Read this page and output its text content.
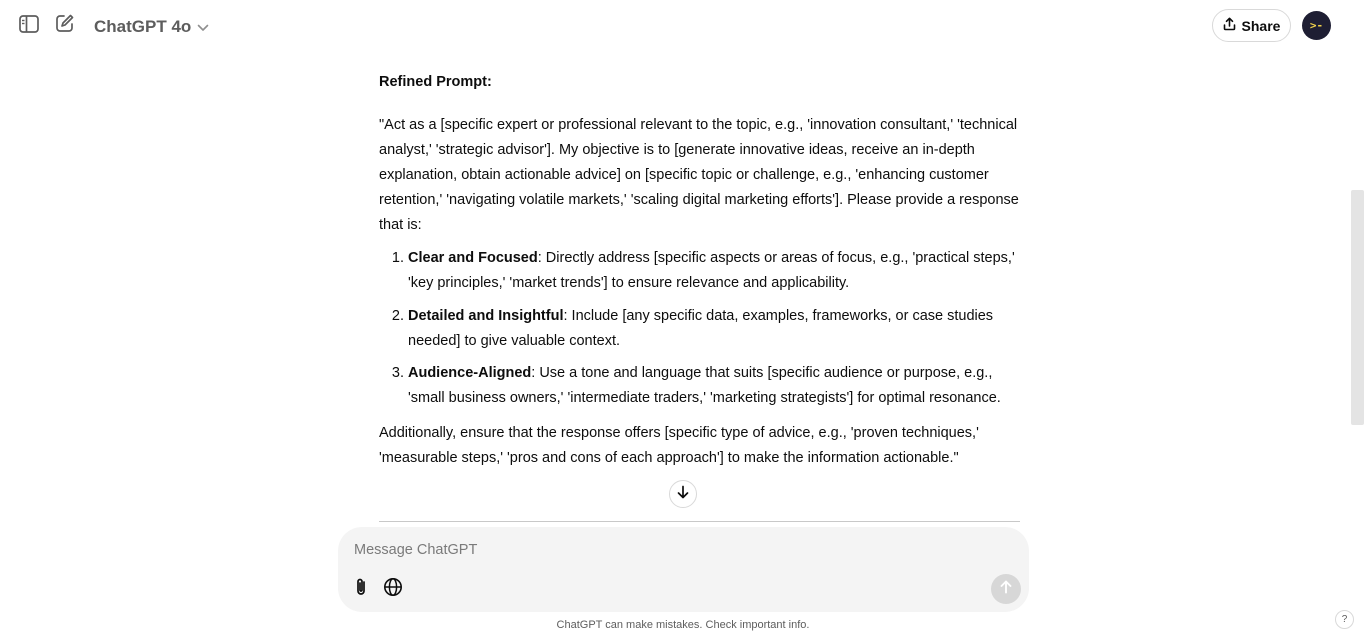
ChatGPT 4o	Share	>-

Refined Prompt:

"Act as a [specific expert or professional relevant to the topic, e.g., 'innovation consultant,' 'technical analyst,' 'strategic advisor']. My objective is to [generate innovative ideas, receive an in-depth explanation, obtain actionable advice] on [specific topic or challenge, e.g., 'enhancing customer retention,' 'navigating volatile markets,' 'scaling digital marketing efforts']. Please provide a response that is:

1. Clear and Focused: Directly address [specific aspects or areas of focus, e.g., 'practical steps,' 'key principles,' 'market trends'] to ensure relevance and applicability.
2. Detailed and Insightful: Include [any specific data, examples, frameworks, or case studies needed] to give valuable context.
3. Audience-Aligned: Use a tone and language that suits [specific audience or purpose, e.g., 'small business owners,' 'intermediate traders,' 'marketing strategists'] for optimal resonance.

Additionally, ensure that the response offers [specific type of advice, e.g., 'proven techniques,' 'measurable steps,' 'pros and cons of each approach'] to make the information actionable."

Message ChatGPT
ChatGPT can make mistakes. Check important info.	?
